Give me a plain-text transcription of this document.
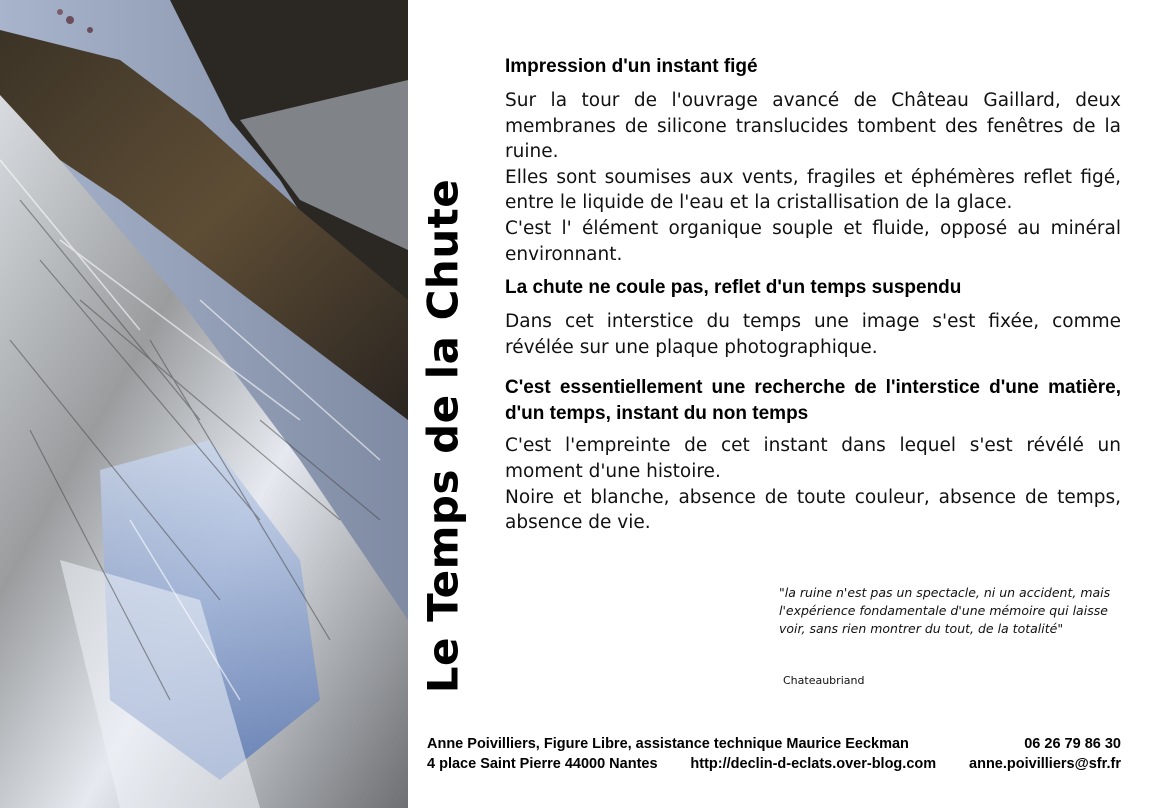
Le Temps de la Chute
Impression d'un instant figé

Sur la tour de l'ouvrage avancé de Château Gaillard, deux membranes de silicone translucides tombent des fenêtres de la ruine.

Elles sont soumises aux vents, fragiles et éphémères reflet figé, entre le liquide de l'eau et la cristallisation de la glace.

C'est l' élément organique souple et fluide, opposé au minéral environnant.

La chute ne coule pas, reflet d'un temps suspendu

Dans cet interstice du temps une image s'est fixée, comme révélée sur une plaque photographique.

C'est essentiellement une recherche de l'interstice d'une matière, d'un temps, instant du non temps

C'est l'empreinte de cet instant dans lequel s'est révélé un moment d'une histoire.

Noire et blanche, absence de toute couleur, absence de temps, absence de vie.

"la ruine n'est pas un spectacle, ni un accident, mais l'expérience fondamentale d'une mémoire qui laisse voir, sans rien montrer du tout, de la totalité"
Chateaubriand
Anne Poivilliers, Figure Libre, assistance technique Maurice Eeckman	06 26 79 86 30
4 place Saint Pierre 44000 Nantes http://declin-d-eclats.over-blog.com anne.poivilliers@sfr.fr
